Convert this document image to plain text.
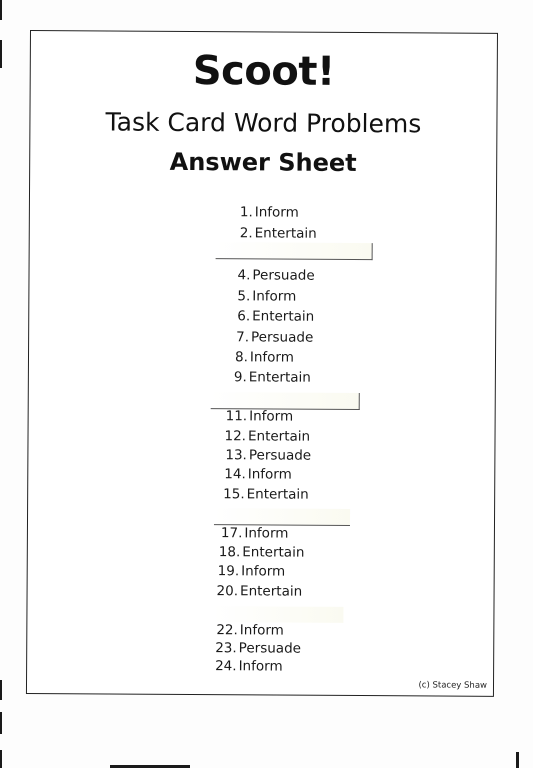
Scoot!
Task Card Word Problems
Answer Sheet
1. Inform
2. Entertain
4. Persuade
5. Inform
6. Entertain
7. Persuade
8. Inform
9. Entertain
11. Inform
12. Entertain
13. Persuade
14. Inform
15. Entertain
17. Inform
18. Entertain
19. Inform
20. Entertain
22. Inform
23. Persuade
24. Inform
(c) Stacey Shaw
